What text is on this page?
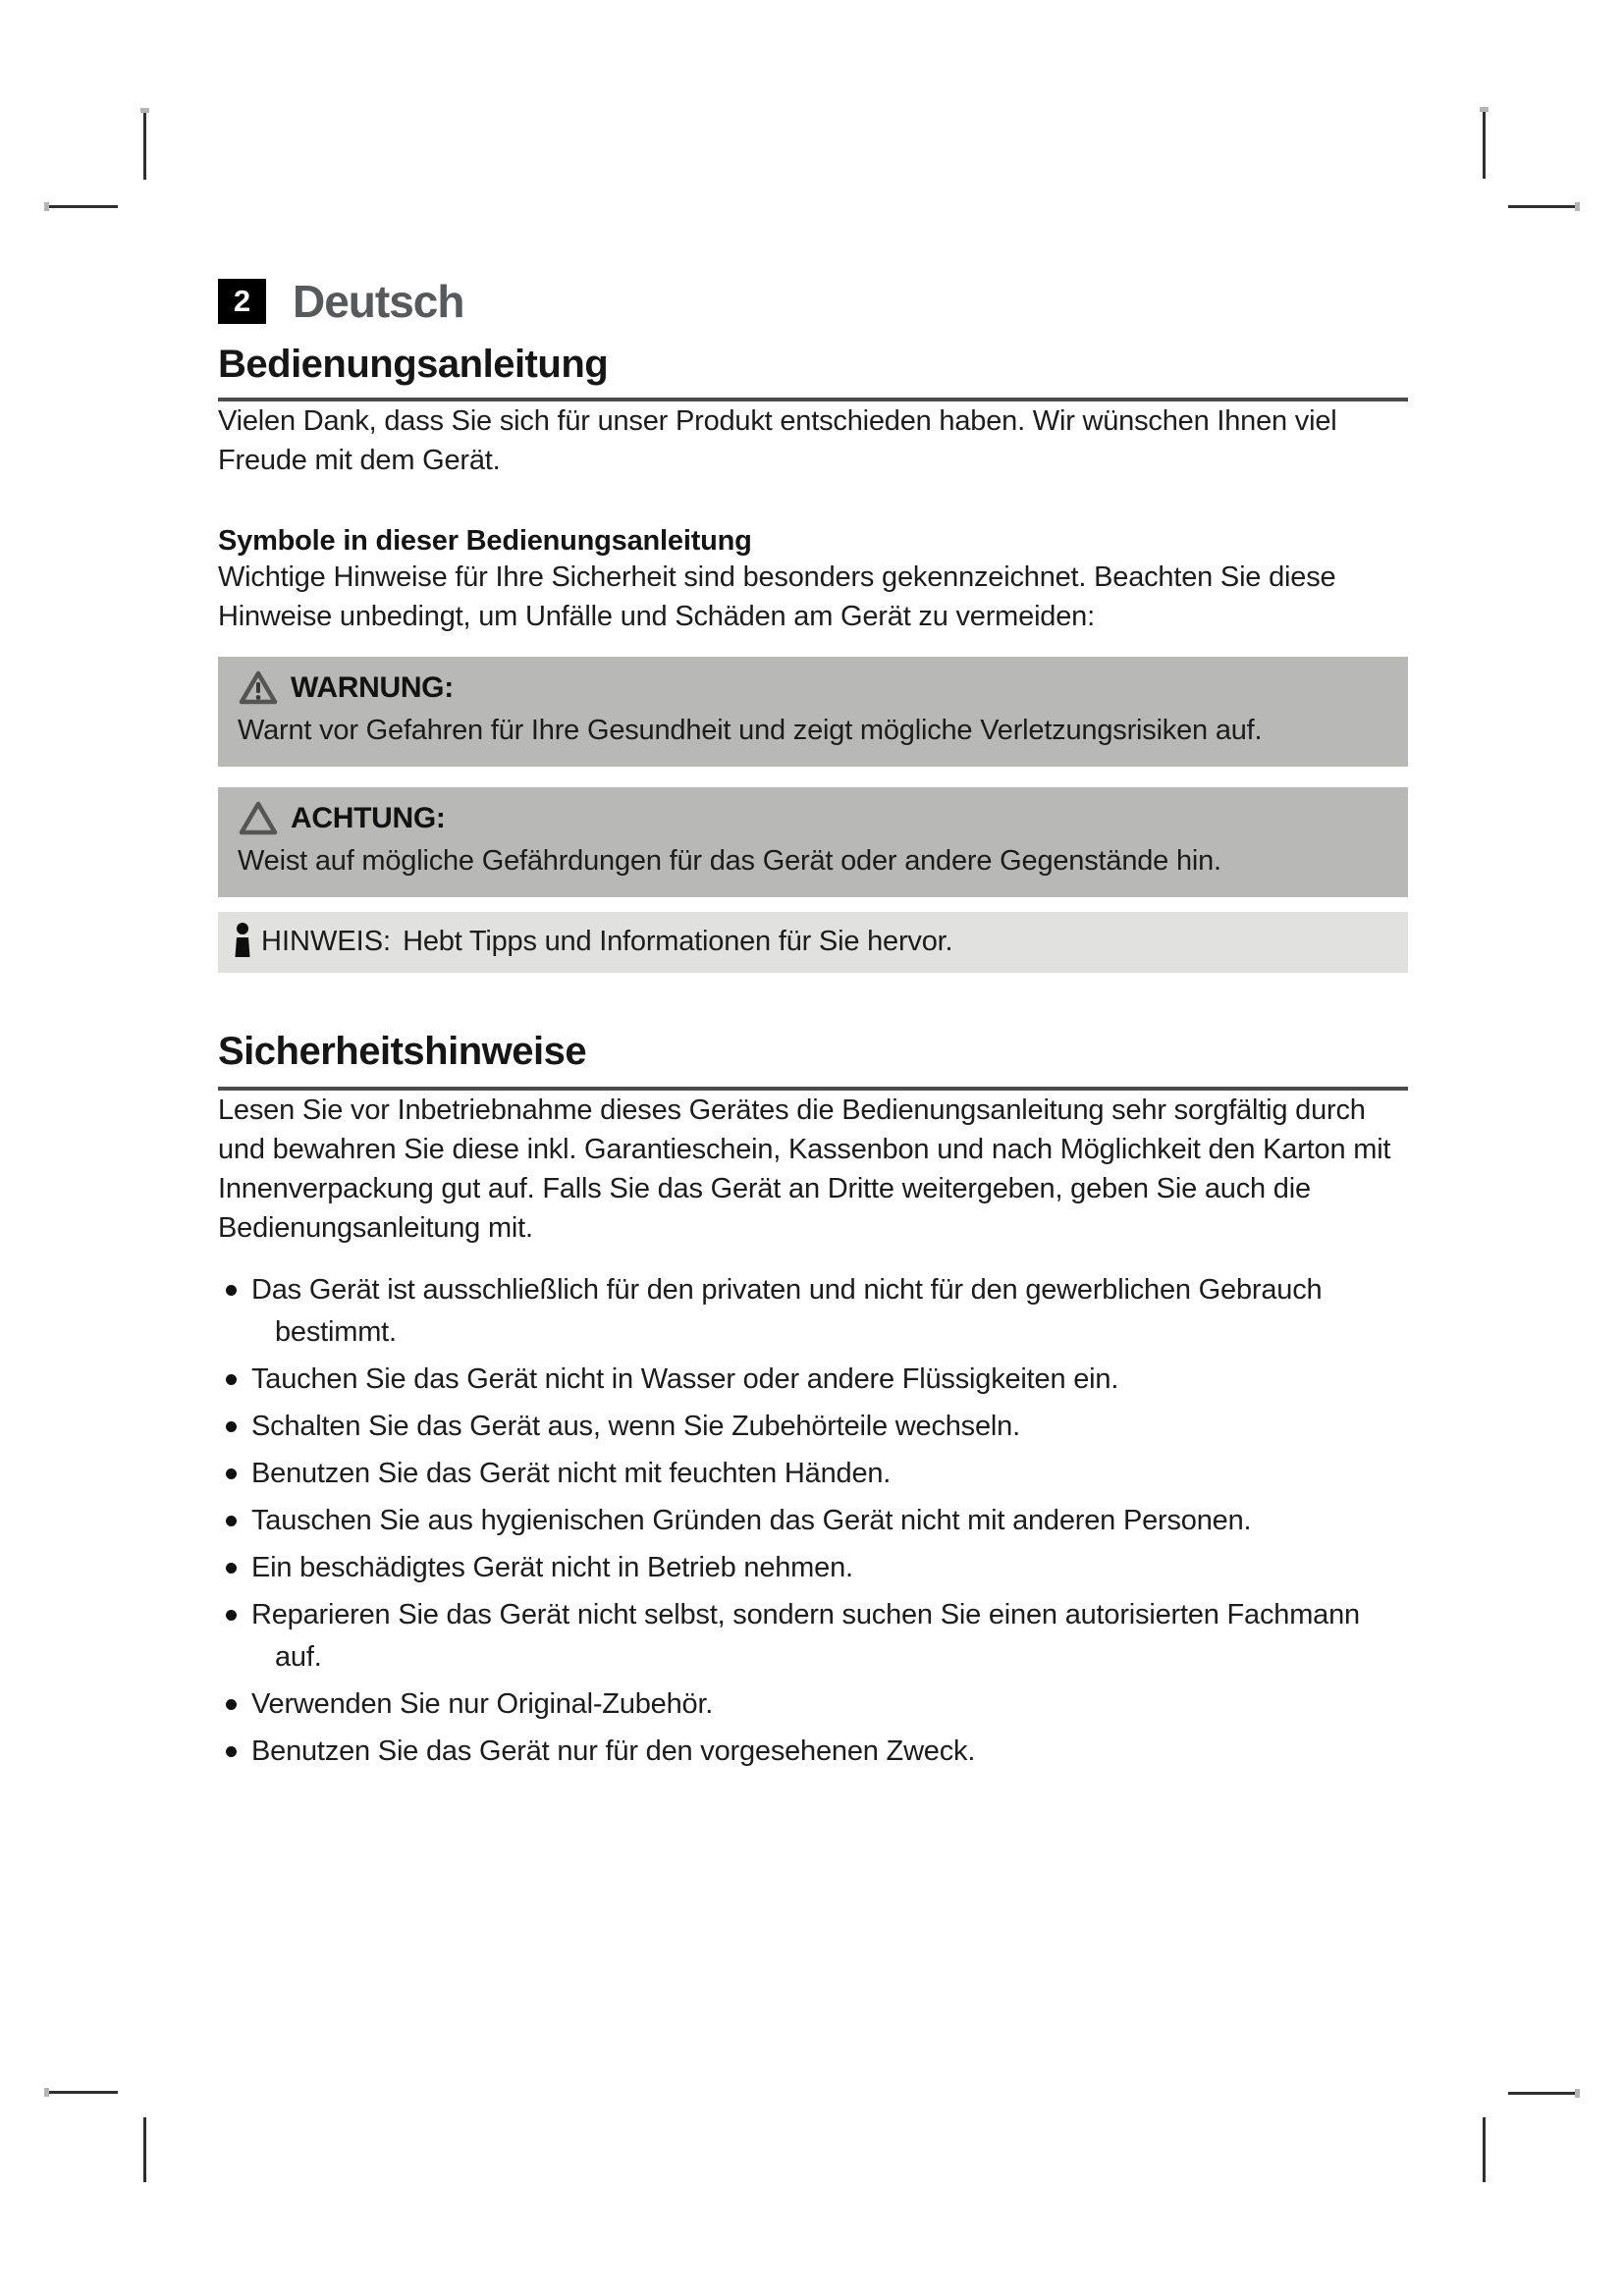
2 Deutsch
Bedienungsanleitung

Vielen Dank, dass Sie sich für unser Produkt entschieden haben. Wir wünschen Ihnen viel Freude mit dem Gerät.

Symbole in dieser Bedienungsanleitung

Wichtige Hinweise für Ihre Sicherheit sind besonders gekennzeichnet. Beachten Sie diese Hinweise unbedingt, um Unfälle und Schäden am Gerät zu vermeiden:

WARNUNG:

Warnt vor Gefahren für Ihre Gesundheit und zeigt mögliche Verletzungsrisiken auf.

ACHTUNG:

Weist auf mögliche Gefährdungen für das Gerät oder andere Gegenstände hin.

HINWEIS: Hebt Tipps und Informationen für Sie hervor.
Sicherheitshinweise

Lesen Sie vor Inbetriebnahme dieses Gerätes die Bedienungsanleitung sehr sorgfältig durch und bewahren Sie diese inkl. Garantieschein, Kassenbon und nach Möglichkeit den Karton mit Innenverpackung gut auf. Falls Sie das Gerät an Dritte weitergeben, geben Sie auch die Bedienungsanleitung mit.

Das Gerät ist ausschließlich für den privaten und nicht für den gewerblichen Gebrauch bestimmt.
Tauchen Sie das Gerät nicht in Wasser oder andere Flüssigkeiten ein.
Schalten Sie das Gerät aus, wenn Sie Zubehörteile wechseln.
Benutzen Sie das Gerät nicht mit feuchten Händen.
Tauschen Sie aus hygienischen Gründen das Gerät nicht mit anderen Personen.
Ein beschädigtes Gerät nicht in Betrieb nehmen.
Reparieren Sie das Gerät nicht selbst, sondern suchen Sie einen autorisierten Fachmann auf.
Verwenden Sie nur Original-Zubehör.
Benutzen Sie das Gerät nur für den vorgesehenen Zweck.
